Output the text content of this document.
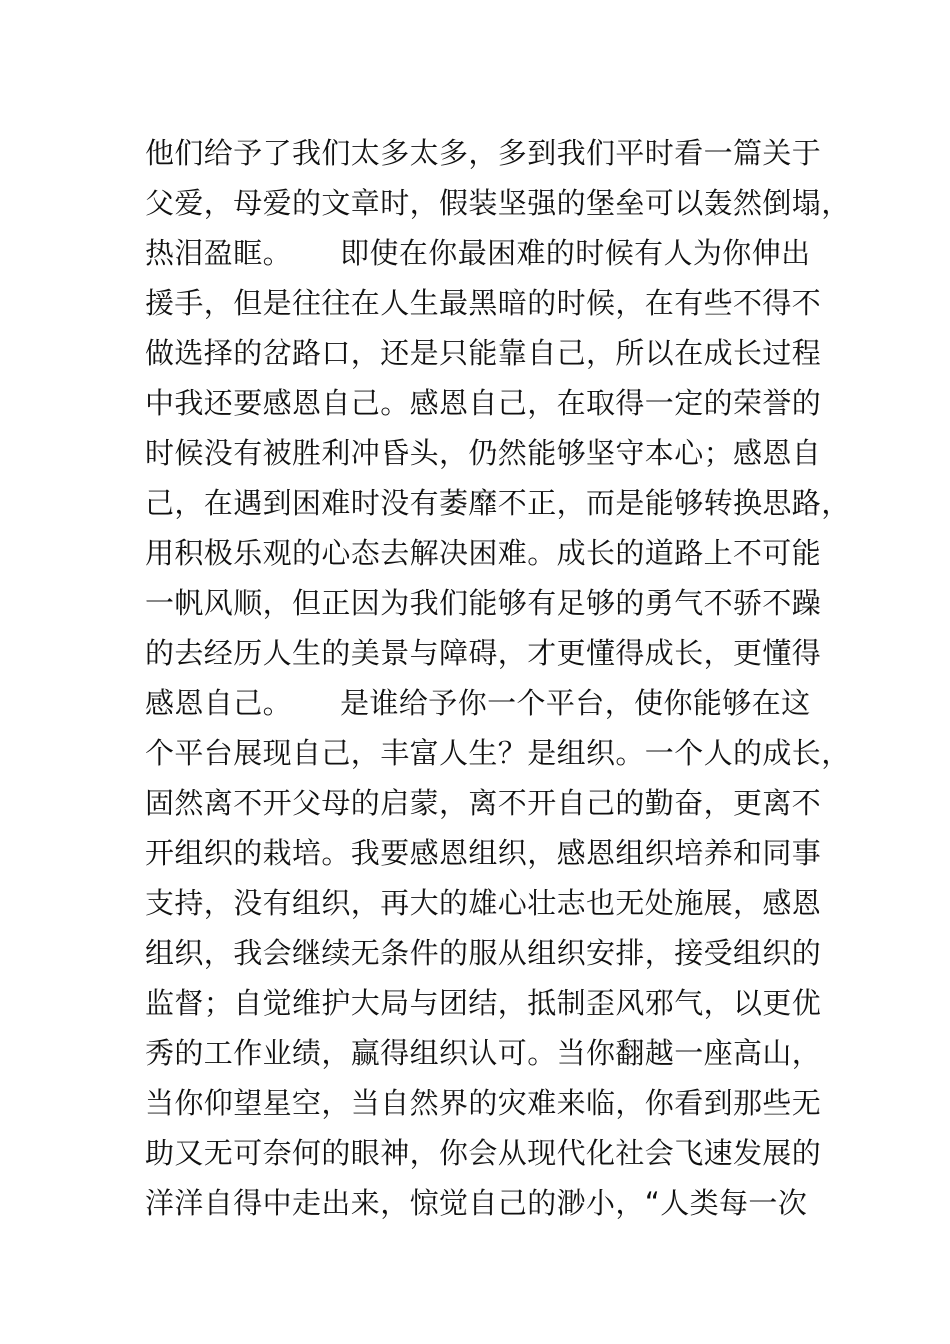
他们给予了我们太多太多，多到我们平时看一篇关于
父爱，母爱的文章时，假装坚强的堡垒可以轰然倒塌，
热泪盈眶。     即使在你最困难的时候有人为你伸出
援手，但是往往在人生最黑暗的时候，在有些不得不
做选择的岔路口，还是只能靠自己，所以在成长过程
中我还要感恩自己。感恩自己，在取得一定的荣誉的
时候没有被胜利冲昏头，仍然能够坚守本心；感恩自
己，在遇到困难时没有萎靡不正，而是能够转换思路，
用积极乐观的心态去解决困难。成长的道路上不可能
一帆风顺，但正因为我们能够有足够的勇气不骄不躁
的去经历人生的美景与障碍，才更懂得成长，更懂得
感恩自己。     是谁给予你一个平台，使你能够在这
个平台展现自己，丰富人生？是组织。一个人的成长，
固然离不开父母的启蒙，离不开自己的勤奋，更离不
开组织的栽培。我要感恩组织，感恩组织培养和同事
支持，没有组织，再大的雄心壮志也无处施展，感恩
组织，我会继续无条件的服从组织安排，接受组织的
监督；自觉维护大局与团结，抵制歪风邪气，以更优
秀的工作业绩，赢得组织认可。当你翻越一座高山，
当你仰望星空，当自然界的灾难来临，你看到那些无
助又无可奈何的眼神，你会从现代化社会飞速发展的
洋洋自得中走出来，惊觉自己的渺小，“人类每一次
